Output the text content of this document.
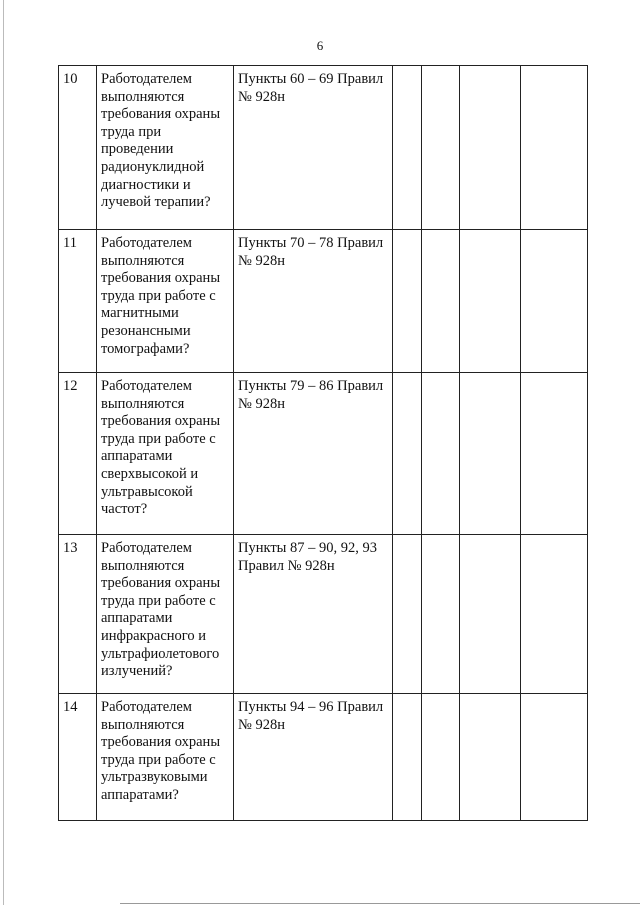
6
10	Работодателем выполняются требования охраны труда при проведении радионуклидной диагностики и лучевой терапии?	Пункты 60 – 69 Правил № 928н				
11	Работодателем выполняются требования охраны труда при работе с магнитными резонансными томографами?	Пункты 70 – 78 Правил № 928н				
12	Работодателем выполняются требования охраны труда при работе с аппаратами сверхвысокой и ультравысокой частот?	Пункты 79 – 86 Правил № 928н				
13	Работодателем выполняются требования охраны труда при работе с аппаратами инфракрасного и ультрафиолетового излучений?	Пункты 87 – 90, 92, 93 Правил № 928н				
14	Работодателем выполняются требования охраны труда при работе с ультразвуковыми аппаратами?	Пункты 94 – 96 Правил № 928н				
